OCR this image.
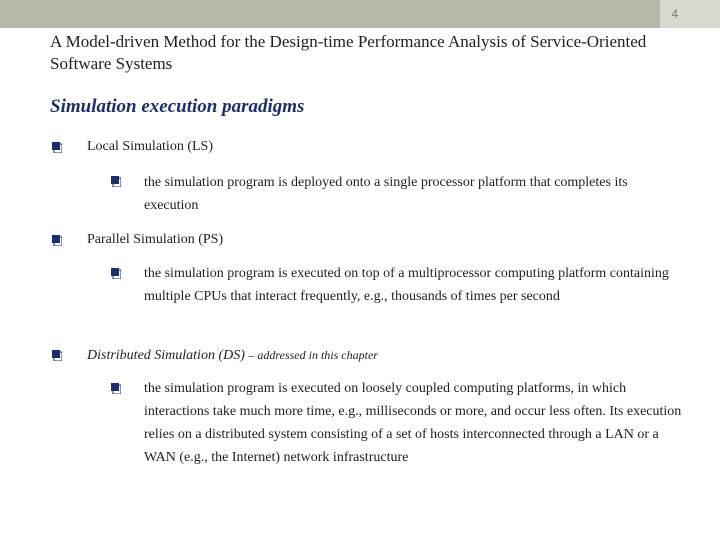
4
A Model-driven Method for the Design-time Performance Analysis of Service-Oriented Software Systems
Simulation execution paradigms
Local Simulation (LS)
the simulation program is deployed onto a single processor platform that completes its execution
Parallel Simulation (PS)
the simulation program is executed on top of a multiprocessor computing platform containing multiple CPUs that interact frequently, e.g., thousands of times per second
Distributed Simulation (DS) – addressed in this chapter
the simulation program is executed on loosely coupled computing platforms, in which interactions take much more time, e.g., milliseconds or more, and occur less often. Its execution relies on a distributed system consisting of a set of hosts interconnected through a LAN or a WAN (e.g., the Internet) network infrastructure
